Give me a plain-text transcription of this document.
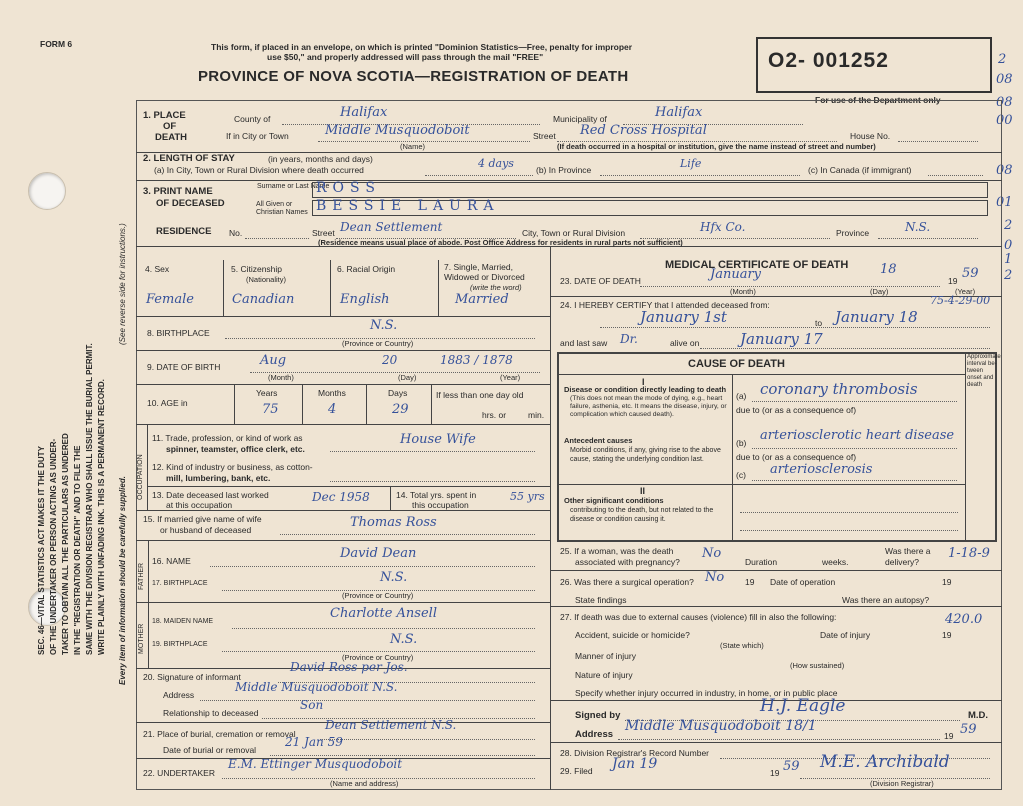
FORM 6	This form, if placed in an envelope, on which is printed "Dominion Statistics—Free, penalty for improper
use $50," and properly addressed will pass through the mail "FREE"
PROVINCE OF NOVA SCOTIA—REGISTRATION OF DEATH
O2- 001252
For use of the Department only
2
08
08
00
08
01
2
0
1
2
SEC. 46—VITAL STATISTICS ACT MAKES IT THE DUTY OF THE UNDERTAKER OR PERSON ACTING AS UNDER- TAKER TO OBTAIN ALL THE PARTICULARS AS UNDERED IN THE "REGISTRATION OR DEATH" AND TO FILE THE SAME WITH THE DIVISION REGISTRAR WHO SHALL ISSUE THE BURIAL PERMIT. WRITE PLAINLY WITH UNFADING INK. THIS IS A PERMANENT RECORD. Every item of information should be carefully supplied.
(See reverse side for instructions.)
1. PLACE
OF
DEATH
County of	Halifax	Municipality of	Halifax
If in City or Town	Middle Musquodoboit	Street Red Cross Hospital	House No.
(Name)	(If death occurred in a hospital or institution, give the name instead of street and number)
2. LENGTH OF STAY	(in years, months and days)
(a) In City, Town or Rural Division where death occurred	4 days	(b) In Province	Life	(c) In Canada (if immigrant)
3. PRINT NAME
OF DECEASED
Surname or Last Name
All Given or Christian Names
ROSS
BESSIE LAURA
RESIDENCE No.	Street Dean Settlement	City, Town or Rural Division	Hfx Co.	Province	N.S.
(Residence means usual place of abode. Post Office Address for residents in rural parts not sufficient)
4. Sex	5. Citizenship
(Nationality)
6. Racial Origin	7. Single, Married, Widowed or Divorced
(write the word)
Female	Canadian	English	Married
8. BIRTHPLACE	N.S.
(Province or Country)
9. DATE OF BIRTH	Aug	20	1883 / 1878
(Month)	(Day)	(Year)
10. AGE in
Years	Months	Days
75	4	29
If less than one day old
hrs. or	min.
OCCUPATION
11. Trade, profession, or kind of work as
spinner, teamster, office clerk, etc.
House Wife
12. Kind of industry or business, as cotton-
mill, lumbering, bank, etc.
13. Date deceased last worked
at this occupation
Dec 1958	14. Total yrs. spent in
this occupation
55 yrs
15. If married give name of wife
or husband of deceased	Thomas Ross
FATHER
16. NAME	David Dean
17. BIRTHPLACE	N.S.
(Province or Country)
MOTHER
18. MAIDEN NAME
Charlotte Ansell
19. BIRTHPLACE	N.S.
(Province or Country)
20. Signature of informant
David Ross per Jos.
Address
Middle Musquodoboit N.S.
Relationship to deceased
Son
21. Place of burial, cremation or removal
Dean Settlement N.S.
Date of burial or removal
21 Jan 59
22. UNDERTAKER
E.M. Ettinger Musquodoboit
(Name and address)
MEDICAL CERTIFICATE OF DEATH
23. DATE OF DEATH	January	18
19 59
(Month)	(Day)	(Year)
24. I HEREBY CERTIFY that I attended deceased from:	75-4-29-00
January 1st	to January 18
and last saw Dr.	alive on	January 17
CAUSE OF DEATH
Approximate interval be- tween onset and death
I
Disease or condition directly leading to death
(This does not mean the mode of dying, e.g., heart failure, asthenia, etc. It means the disease, injury, or complication which caused death).
(a) coronary thrombosis
due to (or as a consequence of)
Antecedent causes
Morbid conditions, if any, giving rise to the above cause, stating the underlying condition last.
(b) arteriosclerotic heart disease
due to (or as a consequence of)
(c) arteriosclerosis
II
Other significant conditions
contributing to the death, but not related to the disease or condition causing it.
25. If a woman, was the death
associated with pregnancy?
No
Duration	weeks.
Was there a delivery?
1-18-9
26. Was there a surgical operation? No 19 Date of operation	19
State findings	Was there an autopsy?
27. If death was due to external causes (violence) fill in also the following:
Accident, suicide or homicide?	Date of injury	19
420.0
(State which)
Manner of injury
(How sustained)
Nature of injury
Specify whether injury occurred in industry, in home, or in public place
Signed by	H.J. Eagle	M.D.
Address
Middle Musquodoboit 18/1
19 59
28. Division Registrar's Record Number
29. Filed Jan 19
19 59 M.E. Archibald
(Division Registrar)
